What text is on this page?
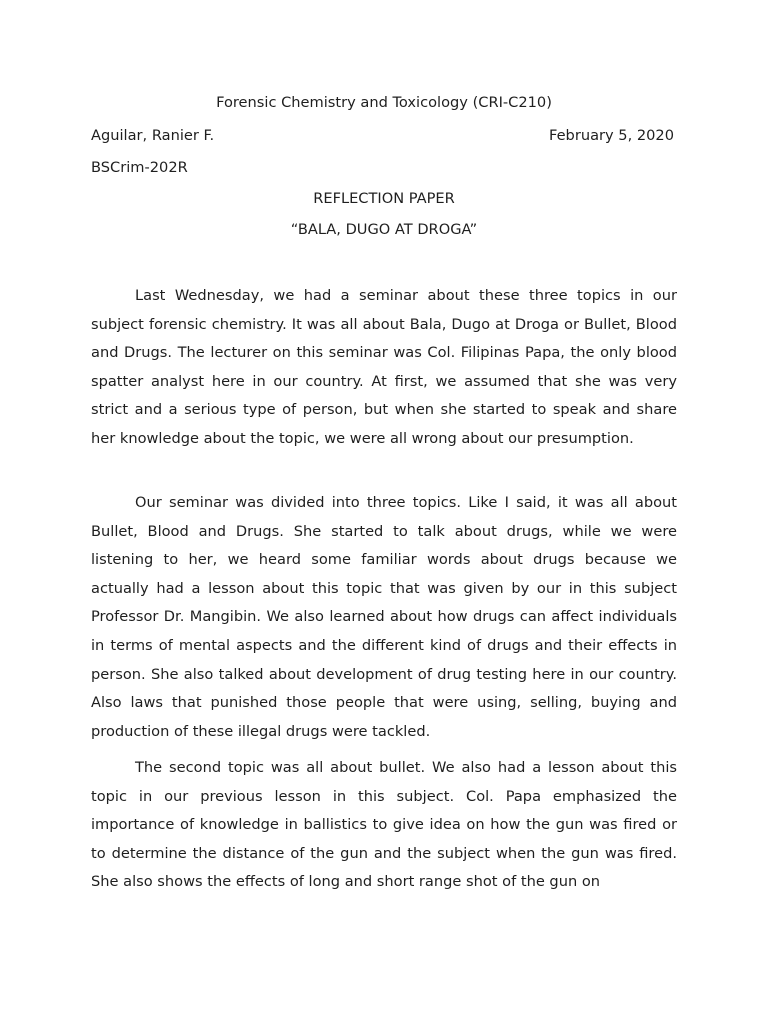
Forensic Chemistry and Toxicology (CRI-C210)
Aguilar, Ranier F.	February 5, 2020
BSCrim-202R
REFLECTION PAPER
“BALA, DUGO AT DROGA”
Last Wednesday, we had a seminar about these three topics in our subject forensic chemistry. It was all about Bala, Dugo at Droga or Bullet, Blood and Drugs. The lecturer on this seminar was Col. Filipinas Papa, the only blood spatter analyst here in our country. At first, we assumed that she was very strict and a serious type of person, but when she started to speak and share her knowledge about the topic, we were all wrong about our presumption.
Our seminar was divided into three topics. Like I said, it was all about Bullet, Blood and Drugs. She started to talk about drugs, while we were listening to her, we heard some familiar words about drugs because we actually had a lesson about this topic that was given by our in this subject Professor Dr. Mangibin. We also learned about how drugs can affect individuals in terms of mental aspects and the different kind of drugs and their effects in person. She also talked about development of drug testing here in our country. Also laws that punished those people that were using, selling, buying and production of these illegal drugs were tackled.
The second topic was all about bullet. We also had a lesson about this topic in our previous lesson in this subject. Col. Papa emphasized the importance of knowledge in ballistics to give idea on how the gun was fired or to determine the distance of the gun and the subject when the gun was fired. She also shows the effects of long and short range shot of the gun on
